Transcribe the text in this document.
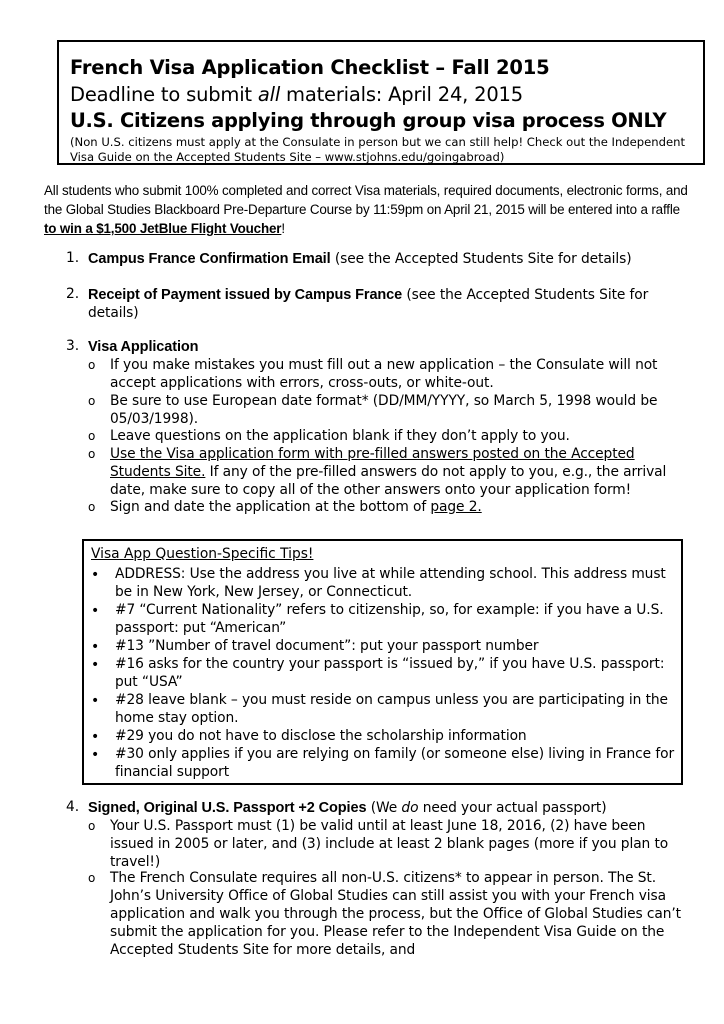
French Visa Application Checklist – Fall 2015
Deadline to submit all materials: April 24, 2015
U.S. Citizens applying through group visa process ONLY
(Non U.S. citizens must apply at the Consulate in person but we can still help! Check out the Independent Visa Guide on the Accepted Students Site – www.stjohns.edu/goingabroad)
All students who submit 100% completed and correct Visa materials, required documents, electronic forms, and the Global Studies Blackboard Pre-Departure Course by 11:59pm on April 21, 2015 will be entered into a raffle to win a $1,500 JetBlue Flight Voucher!
1. Campus France Confirmation Email (see the Accepted Students Site for details)
2. Receipt of Payment issued by Campus France (see the Accepted Students Site for details)
3. Visa Application
o If you make mistakes you must fill out a new application – the Consulate will not accept applications with errors, cross-outs, or white-out.
o Be sure to use European date format* (DD/MM/YYYY, so March 5, 1998 would be 05/03/1998).
o Leave questions on the application blank if they don’t apply to you.
o Use the Visa application form with pre-filled answers posted on the Accepted Students Site. If any of the pre-filled answers do not apply to you, e.g., the arrival date, make sure to copy all of the other answers onto your application form!
o Sign and date the application at the bottom of page 2.
Visa App Question-Specific Tips!
• ADDRESS: Use the address you live at while attending school. This address must be in New York, New Jersey, or Connecticut.
• #7 “Current Nationality” refers to citizenship, so, for example: if you have a U.S. passport: put “American”
• #13 ”Number of travel document”: put your passport number
• #16 asks for the country your passport is “issued by,” if you have U.S. passport: put “USA”
• #28 leave blank – you must reside on campus unless you are participating in the home stay option.
• #29 you do not have to disclose the scholarship information
• #30 only applies if you are relying on family (or someone else) living in France for financial support
4. Signed, Original U.S. Passport +2 Copies (We do need your actual passport)
o Your U.S. Passport must (1) be valid until at least June 18, 2016, (2) have been issued in 2005 or later, and (3) include at least 2 blank pages (more if you plan to travel!)
o The French Consulate requires all non-U.S. citizens* to appear in person. The St. John’s University Office of Global Studies can still assist you with your French visa application and walk you through the process, but the Office of Global Studies can’t submit the application for you. Please refer to the Independent Visa Guide on the Accepted Students Site for more details, and
